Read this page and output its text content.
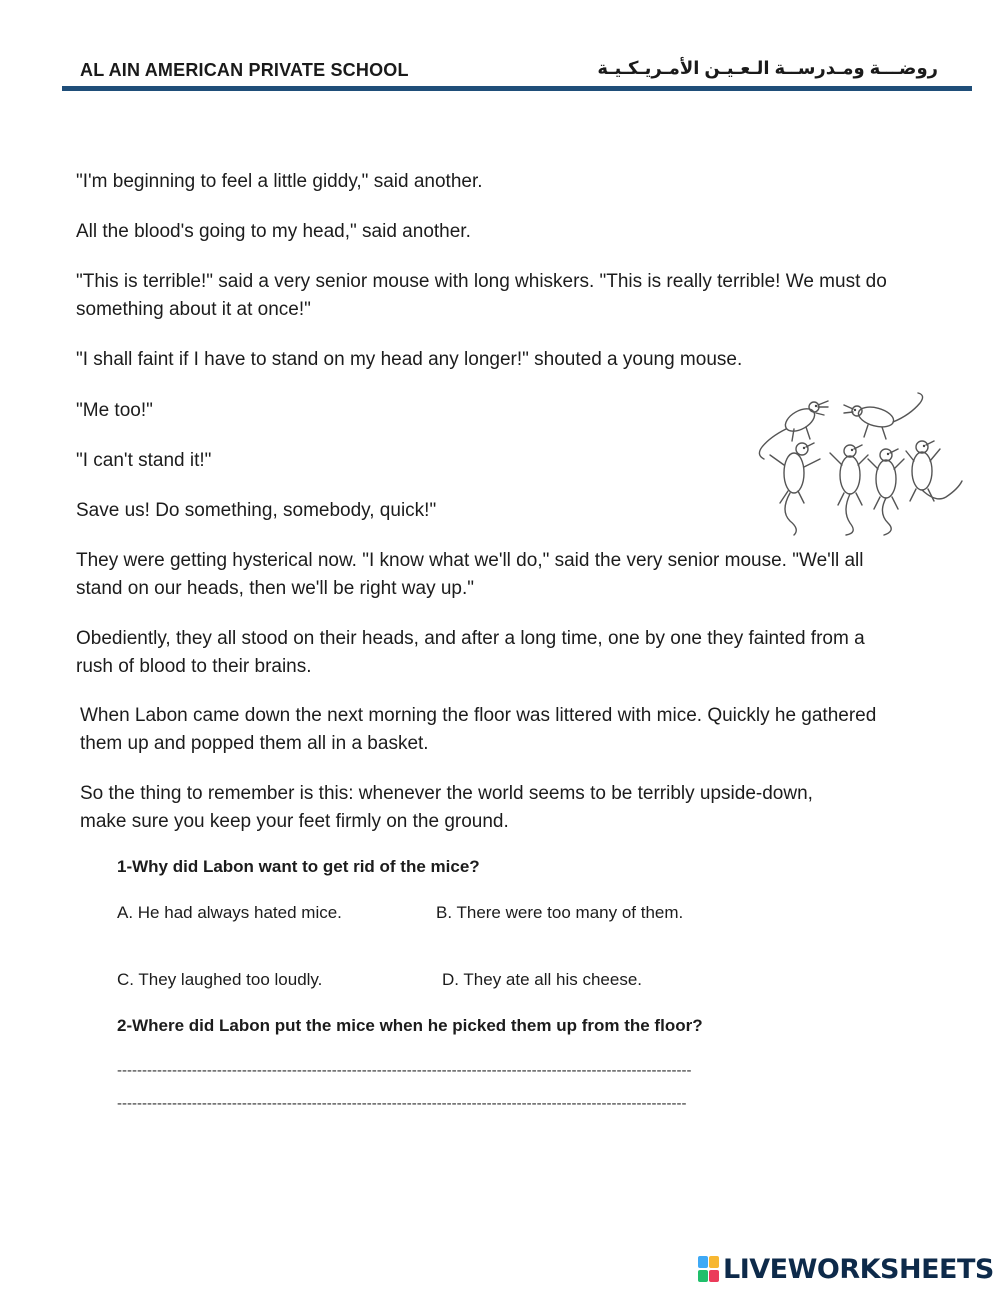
AL AIN AMERICAN PRIVATE SCHOOL	روضـــة ومـدرســة الـعـيـن الأمـريـكـيـة

"I'm beginning to feel a little giddy," said another.

All the blood's going to my head," said another.

"This is terrible!" said a very senior mouse with long whiskers. "This is really terrible! We must do something about it at once!"

"I shall faint if I have to stand on my head any longer!" shouted a young mouse.

"Me too!"

"I can't stand it!"

Save us! Do something, somebody, quick!"

They were getting hysterical now. "I know what we'll do," said the very senior mouse. "We'll all stand on our heads, then we'll be right way up."

Obediently, they all stood on their heads, and after a long time, one by one they fainted from a rush of blood to their brains.

When Labon came down the next morning the floor was littered with mice. Quickly he gathered them up and popped them all in a basket.

So the thing to remember is this: whenever the world seems to be terribly upside-down, make sure you keep your feet firmly on the ground.

1-Why did Labon want to get rid of the mice?
A. He had always hated mice.	B. There were too many of them.
C. They laughed too loudly.	D. They ate all his cheese.
2-Where did Labon put the mice when he picked them up from the floor?
-------------------------------------------------------------------------------------------------------------------
------------------------------------------------------------------------------------------------------------------
LIVEWORKSHEETS
